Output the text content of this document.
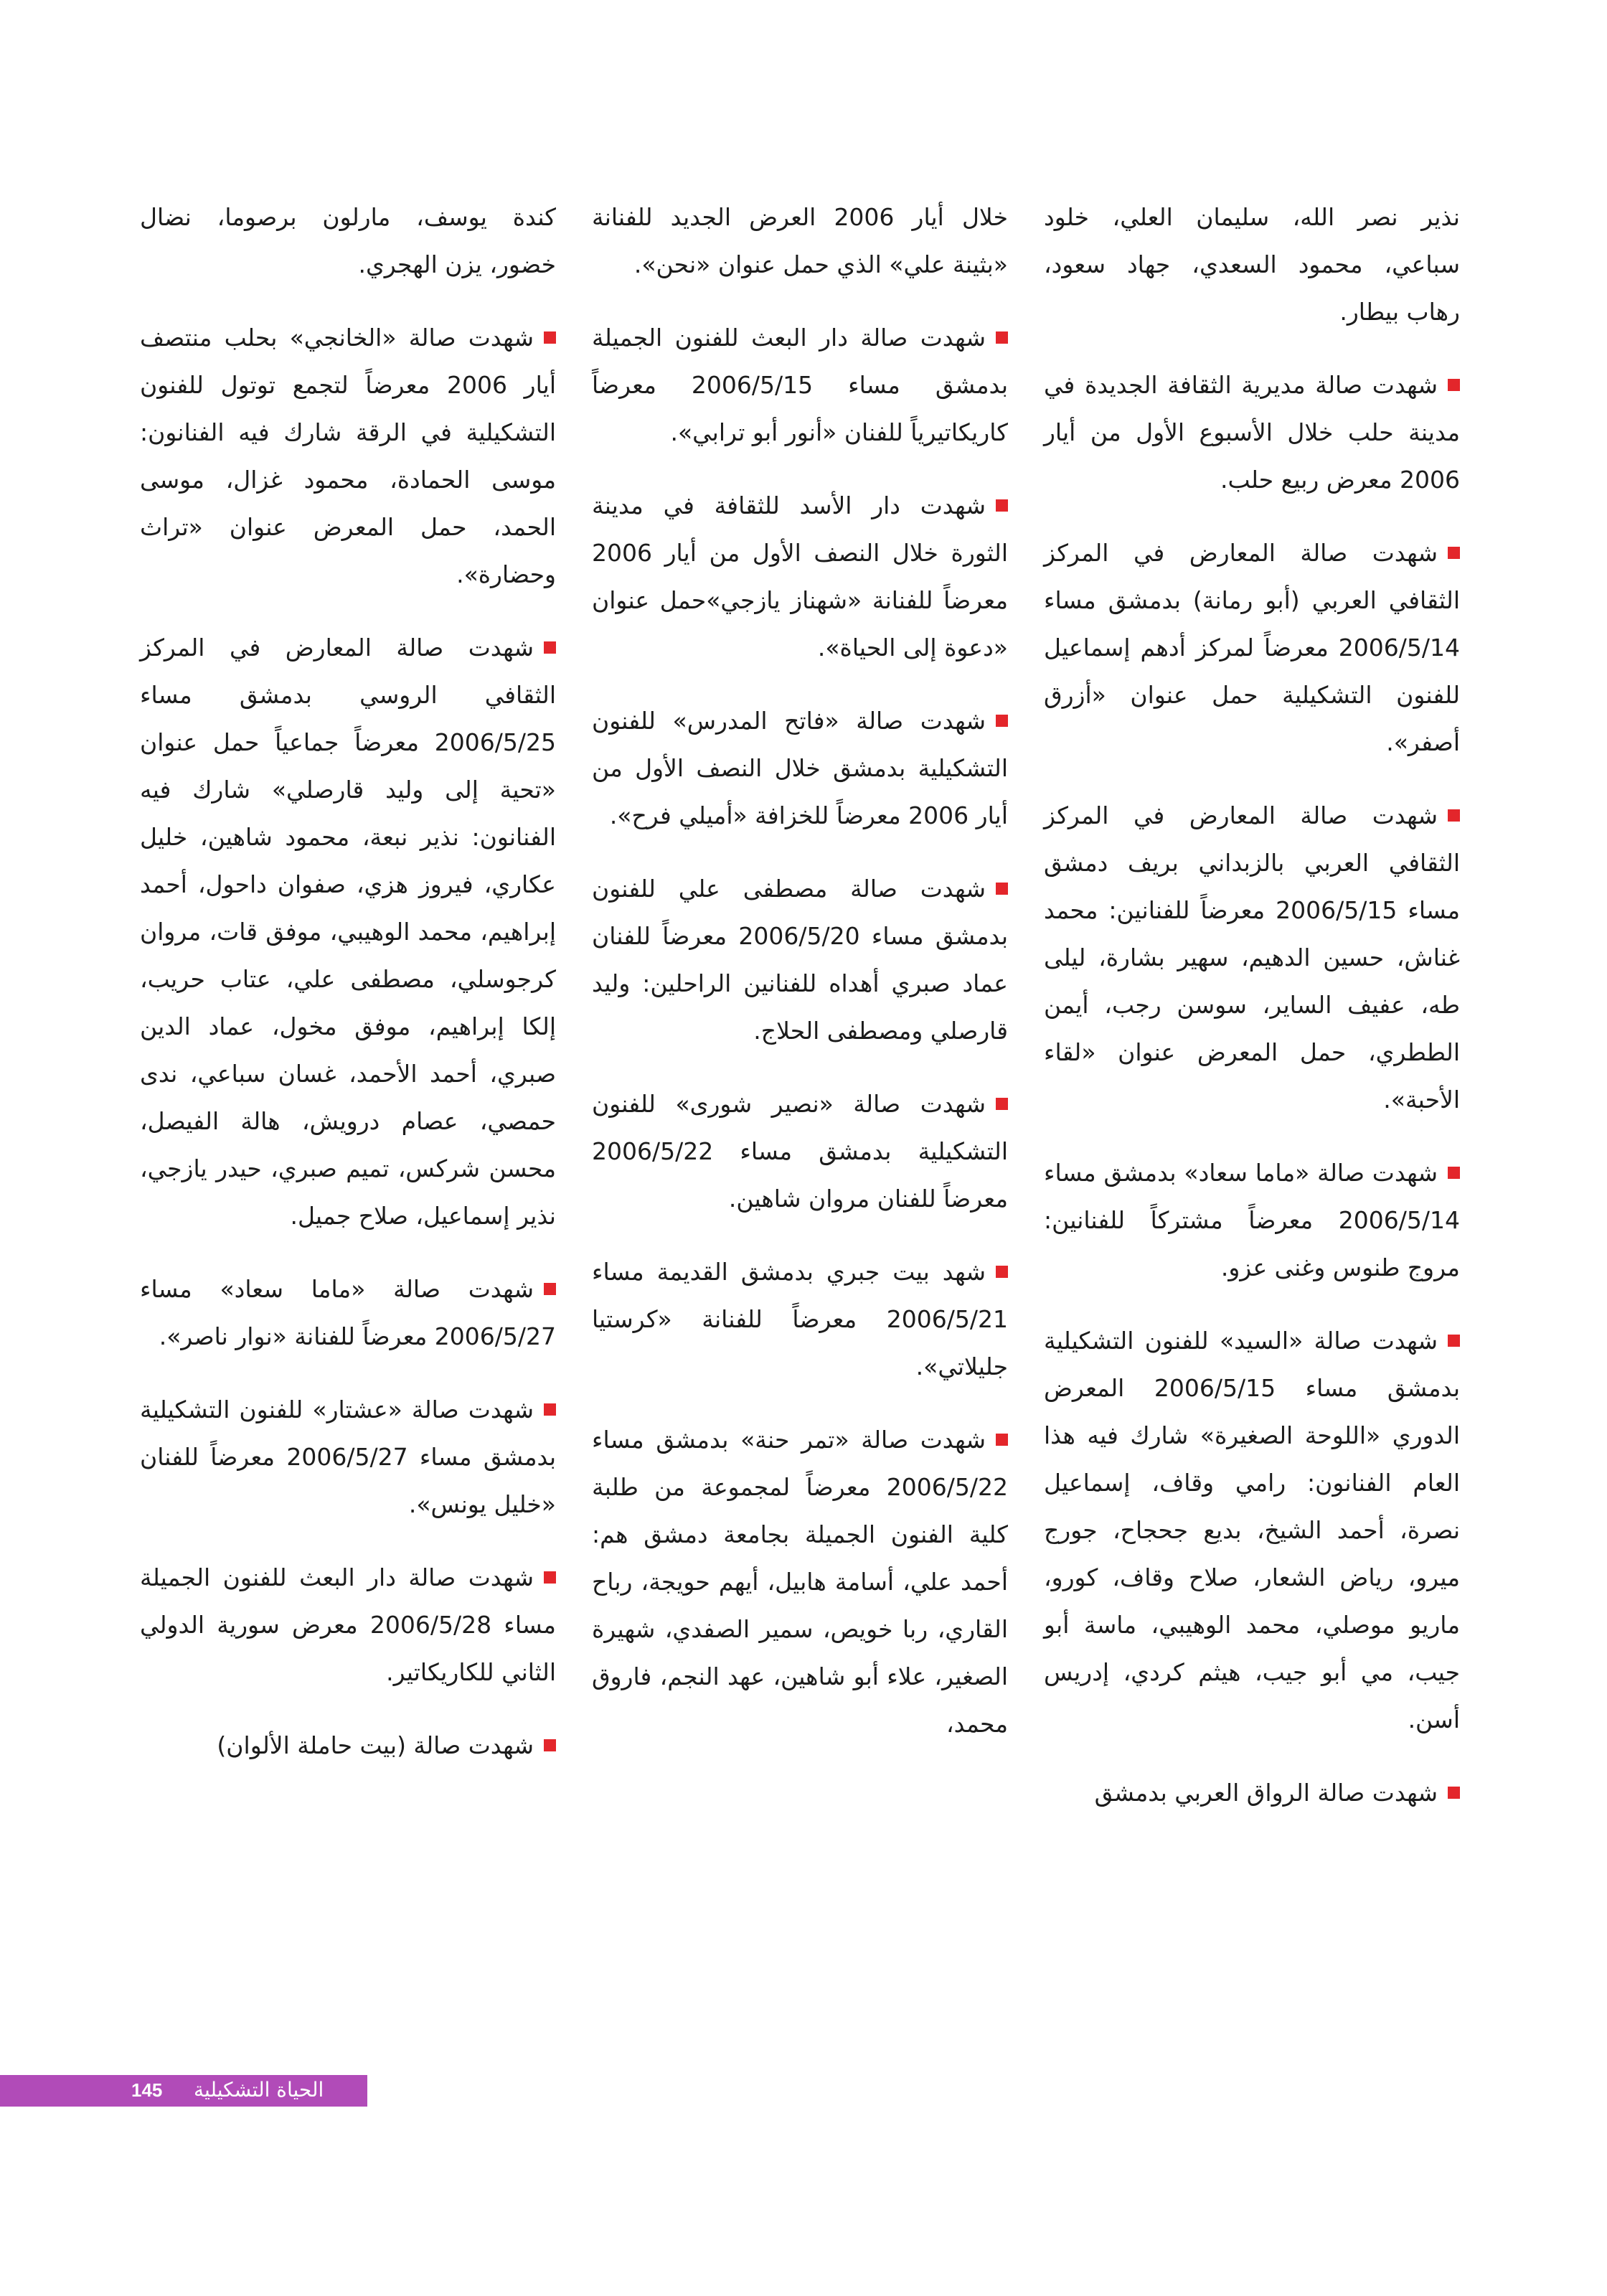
نذير نصر الله، سليمان العلي، خلود سباعي، محمود السعدي، جهاد سعود، رهاب بيطار.

شهدت صالة مديرية الثقافة الجديدة في مدينة حلب خلال الأسبوع الأول من أيار 2006 معرض ربيع حلب.

شهدت صالة المعارض في المركز الثقافي العربي (أبو رمانة) بدمشق مساء 2006/5/14 معرضاً لمركز أدهم إسماعيل للفنون التشكيلية حمل عنوان «أزرق أصفر».

شهدت صالة المعارض في المركز الثقافي العربي بالزبداني بريف دمشق مساء 2006/5/15 معرضاً للفنانين: محمد غناش، حسين الدهيم، سهير بشارة، ليلى طه، عفيف الساير، سوسن رجب، أيمن الططري، حمل المعرض عنوان «لقاء الأحبة».

شهدت صالة «ماما سعاد» بدمشق مساء 2006/5/14 معرضاً مشتركاً للفنانين: مروج طنوس وغنى عزو.

شهدت صالة «السيد» للفنون التشكيلية بدمشق مساء 2006/5/15 المعرض الدوري «اللوحة الصغيرة» شارك فيه هذا العام الفنانون: رامي وقاف، إسماعيل نصرة، أحمد الشيخ، بديع جحجاح، جورج ميرو، رياض الشعار، صلاح وقاف، كورو، ماريو موصلي، محمد الوهيبي، ماسة أبو جيب، مي أبو جيب، هيثم كردي، إدريس أسن.

شهدت صالة الرواق العربي بدمشق

خلال أيار 2006 العرض الجديد للفنانة «بثينة علي» الذي حمل عنوان «نحن».

شهدت صالة دار البعث للفنون الجميلة بدمشق مساء 2006/5/15 معرضاً كاريكاتيرياً للفنان «أنور أبو ترابي».

شهدت دار الأسد للثقافة في مدينة الثورة خلال النصف الأول من أيار 2006 معرضاً للفنانة «شهناز يازجي»حمل عنوان «دعوة إلى الحياة».

شهدت صالة «فاتح المدرس» للفنون التشكيلية بدمشق خلال النصف الأول من أيار 2006 معرضاً للخزافة «أميلي فرح».

شهدت صالة مصطفى علي للفنون بدمشق مساء 2006/5/20 معرضاً للفنان عماد صبري أهداه للفنانين الراحلين: وليد قارصلي ومصطفى الحلاج.

شهدت صالة «نصير شورى» للفنون التشكيلية بدمشق مساء 2006/5/22 معرضاً للفنان مروان شاهين.

شهد بيت جبري بدمشق القديمة مساء 2006/5/21 معرضاً للفنانة «كرستيا جليلاتي».

شهدت صالة «تمر حنة» بدمشق مساء 2006/5/22 معرضاً لمجموعة من طلبة كلية الفنون الجميلة بجامعة دمشق هم: أحمد علي، أسامة هابيل، أيهم حويجة، رباح القاري، ربا خويص، سمير الصفدي، شهيرة الصغير، علاء أبو شاهين، عهد النجم، فاروق محمد،

كندة يوسف، مارلون برصوما، نضال خضور، يزن الهجري.

شهدت صالة «الخانجي» بحلب منتصف أيار 2006 معرضاً لتجمع توتول للفنون التشكيلية في الرقة شارك فيه الفنانون: موسى الحمادة، محمود غزال، موسى الحمد، حمل المعرض عنوان «تراث وحضارة».

شهدت صالة المعارض في المركز الثقافي الروسي بدمشق مساء 2006/5/25 معرضاً جماعياً حمل عنوان «تحية إلى وليد قارصلي» شارك فيه الفنانون: نذير نبعة، محمود شاهين، خليل عكاري، فيروز هزي، صفوان داحول، أحمد إبراهيم، محمد الوهيبي، موفق قات، مروان كرجوسلي، مصطفى علي، عتاب حريب، إلكا إبراهيم، موفق مخول، عماد الدين صبري، أحمد الأحمد، غسان سباعي، ندى حمصي، عصام درويش، هالة الفيصل، محسن شركس، تميم صبري، حيدر يازجي، نذير إسماعيل، صلاح جميل.

شهدت صالة «ماما سعاد» مساء 2006/5/27 معرضاً للفنانة «نوار ناصر».

شهدت صالة «عشتار» للفنون التشكيلية بدمشق مساء 2006/5/27 معرضاً للفنان «خليل يونس».

شهدت صالة دار البعث للفنون الجميلة مساء 2006/5/28 معرض سورية الدولي الثاني للكاريكاتير.

شهدت صالة (بيت حاملة الألوان)

الحياة التشكيلية
145
